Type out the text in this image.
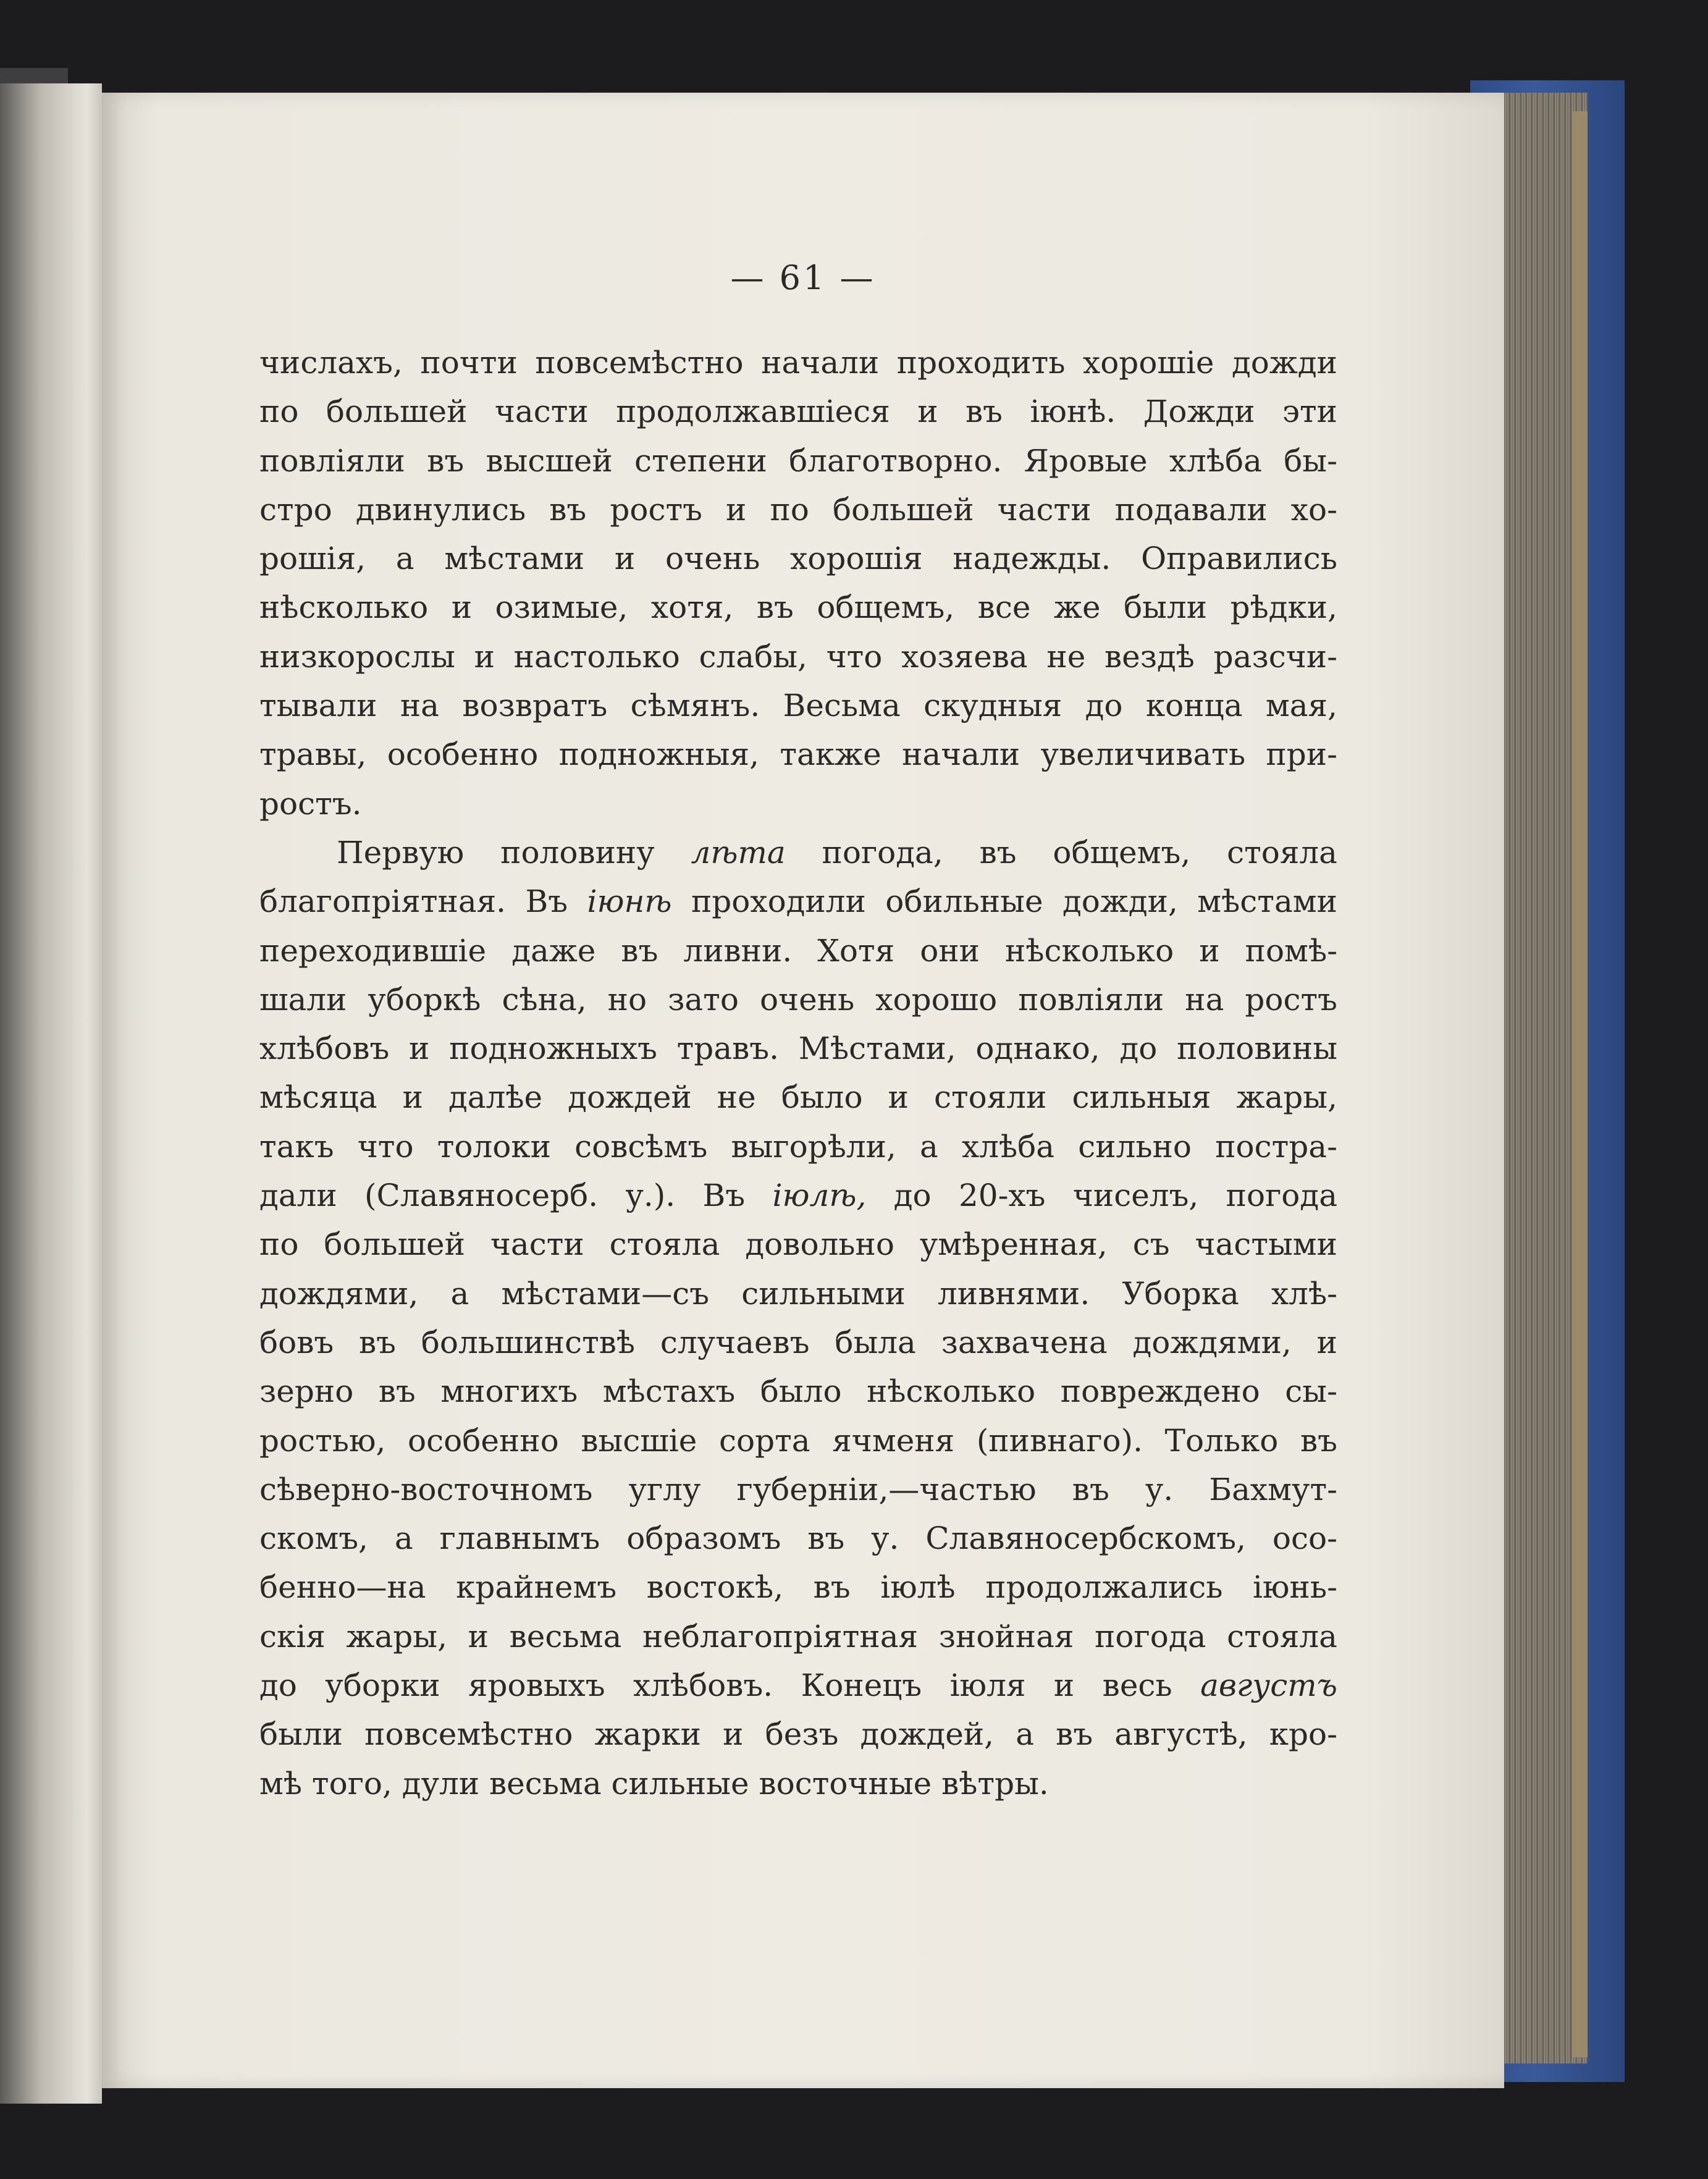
— 61 —
числахъ, почти повсемѣстно начали проходить хорошіе дожди
по большей части продолжавшіеся и въ іюнѣ. Дожди эти
повліяли въ высшей степени благотворно. Яровые хлѣба бы-
стро двинулись въ ростъ и по большей части подавали хо-
рошія, а мѣстами и очень хорошія надежды. Оправились
нѣсколько и озимые, хотя, въ общемъ, все же были рѣдки,
низкорослы и настолько слабы, что хозяева не вездѣ разсчи-
тывали на возвратъ сѣмянъ. Весьма скудныя до конца мая,
травы, особенно подножныя, также начали увеличивать при-
ростъ.
Первую половину лѣта погода, въ общемъ, стояла
благопріятная. Въ іюнѣ проходили обильные дожди, мѣстами
переходившіе даже въ ливни. Хотя они нѣсколько и помѣ-
шали уборкѣ сѣна, но зато очень хорошо повліяли на ростъ
хлѣбовъ и подножныхъ травъ. Мѣстами, однако, до половины
мѣсяца и далѣе дождей не было и стояли сильныя жары,
такъ что толоки совсѣмъ выгорѣли, а хлѣба сильно постра-
дали (Славяносерб. у.). Въ іюлѣ, до 20-хъ чиселъ, погода
по большей части стояла довольно умѣренная, съ частыми
дождями, а мѣстами—съ сильными ливнями. Уборка хлѣ-
бовъ въ большинствѣ случаевъ была захвачена дождями, и
зерно въ многихъ мѣстахъ было нѣсколько повреждено сы-
ростью, особенно высшіе сорта ячменя (пивнаго). Только въ
сѣверно-восточномъ углу губерніи,—частью въ у. Бахмут-
скомъ, а главнымъ образомъ въ у. Славяносербскомъ, осо-
бенно—на крайнемъ востокѣ, въ іюлѣ продолжались іюнь-
скія жары, и весьма неблагопріятная знойная погода стояла
до уборки яровыхъ хлѣбовъ. Конецъ іюля и весь августъ
были повсемѣстно жарки и безъ дождей, а въ августѣ, кро-
мѣ того, дули весьма сильные восточные вѣтры.
